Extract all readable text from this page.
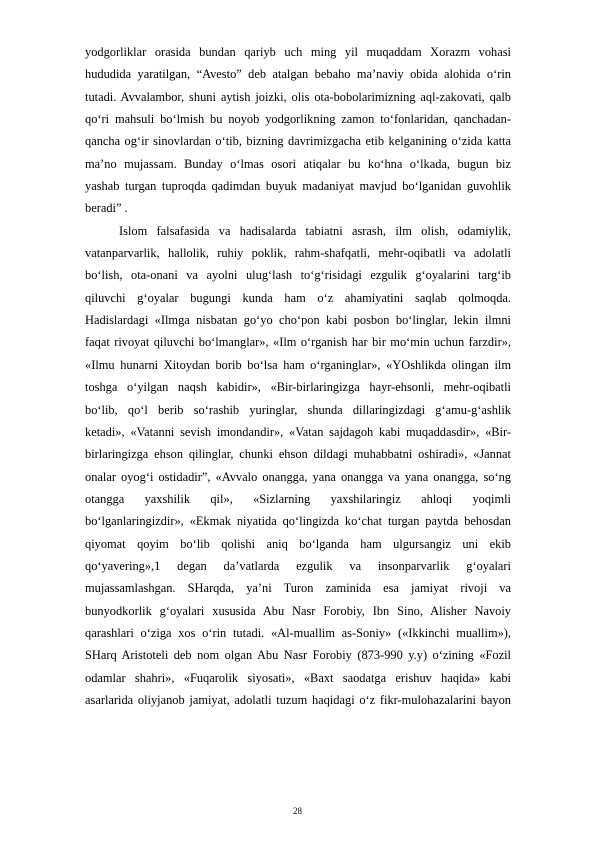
yodgorliklar orasida bundan qariyb uch ming yil muqaddam Xorazm vohasi
hududida yaratilgan, “Avesto” deb atalgan bebaho ma’naviy obida alohida o‘rin
tutadi. Avvalambor, shuni aytish joizki, olis ota-bobolarimizning aql-zakovati, qalb
qo‘ri mahsuli bo‘lmish bu noyob yodgorlikning zamon to‘fonlaridan, qanchadan-
qancha og‘ir sinovlardan o‘tib, bizning davrimizgacha etib kelganining o‘zida katta
ma’no mujassam. Bunday o‘lmas osori atiqalar bu ko‘hna o‘lkada, bugun biz
yashab turgan tuproqda qadimdan buyuk madaniyat mavjud bo‘lganidan guvohlik
beradi” .
Islom falsafasida va hadisalarda tabiatni asrash, ilm olish, odamiylik,
vatanparvarlik, hallolik, ruhiy poklik, rahm-shafqatli, mehr-oqibatli va adolatli
bo‘lish, ota-onani va ayolni ulug‘lash to‘g‘risidagi ezgulik g‘oyalarini targ‘ib
qiluvchi g‘oyalar bugungi kunda ham o‘z ahamiyatini saqlab qolmoqda.
Hadislardagi «Ilmga nisbatan go‘yo cho‘pon kabi posbon bo‘linglar, lekin ilmni
faqat rivoyat qiluvchi bo‘lmanglar», «Ilm o‘rganish har bir mo‘min uchun farzdir»,
«Ilmu hunarni Xitoydan borib bo‘lsa ham o‘rganinglar», «YOshlikda olingan ilm
toshga o‘yilgan naqsh kabidir», «Bir-birlaringizga hayr-ehsonli, mehr-oqibatli
bo‘lib, qo‘l berib so‘rashib yuringlar, shunda dillaringizdagi g‘amu-g‘ashlik
ketadi», «Vatanni sevish imondandir», «Vatan sajdagoh kabi muqaddasdir», «Bir-
birlaringizga ehson qilinglar, chunki ehson dildagi muhabbatni oshiradi», «Jannat
onalar oyog‘i ostidadir”, «Avvalo onangga, yana onangga va yana onangga, so‘ng
otangga yaxshilik qil», «Sizlarning yaxshilaringiz ahloqi yoqimli
bo‘lganlaringizdir», «Ekmak niyatida qo‘lingizda ko‘chat turgan paytda behosdan
qiyomat qoyim bo‘lib qolishi aniq bo‘lganda ham ulgursangiz uni ekib
qo‘yavering»,1 degan da’vatlarda ezgulik va insonparvarlik g‘oyalari
mujassamlashgan. SHarqda, ya’ni Turon zaminida esa jamiyat rivoji va
bunyodkorlik g‘oyalari xususida Abu Nasr Forobiy, Ibn Sino, Alisher Navoiy
qarashlari o‘ziga xos o‘rin tutadi. «Al-muallim as-Soniy» («Ikkinchi muallim»),
SHarq Aristoteli deb nom olgan Abu Nasr Forobiy (873-990 y.y) o‘zining «Fozil
odamlar shahri», «Fuqarolik siyosati», «Baxt saodatga erishuv haqida» kabi
asarlarida oliyjanob jamiyat, adolatli tuzum haqidagi o‘z fikr-mulohazalarini bayon
28
